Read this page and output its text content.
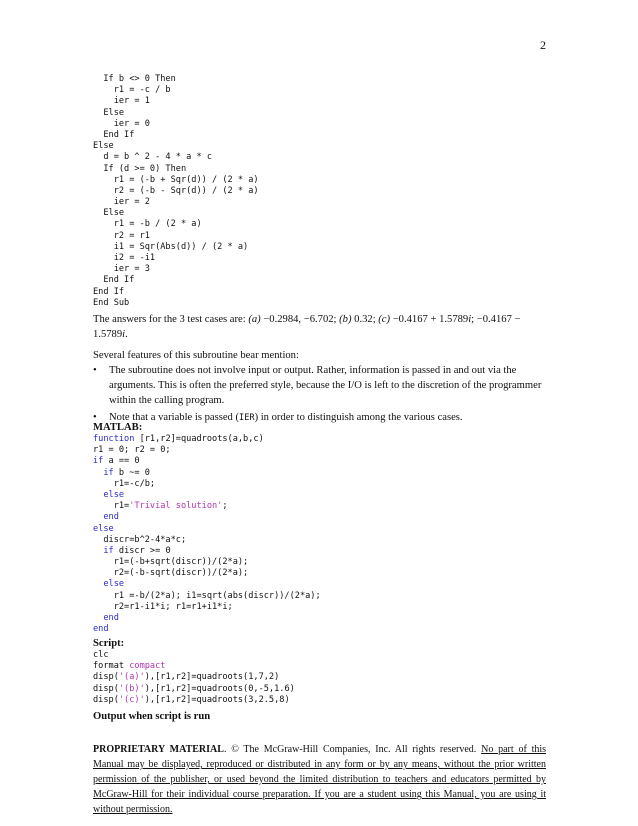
2
If b <> 0 Then
r1 = -c / b
ier = 1
Else
ier = 0
End If
Else
d = b ^ 2 - 4 * a * c
If (d >= 0) Then
r1 = (-b + Sqr(d)) / (2 * a)
r2 = (-b - Sqr(d)) / (2 * a)
ier = 2
Else
r1 = -b / (2 * a)
r2 = r1
i1 = Sqr(Abs(d)) / (2 * a)
i2 = -i1
ier = 3
End If
End If
End Sub
The answers for the 3 test cases are: (a) −0.2984, −6.702; (b) 0.32; (c) −0.4167 + 1.5789i; −0.4167 − 1.5789i.
Several features of this subroutine bear mention:
• The subroutine does not involve input or output. Rather, information is passed in and out via the arguments. This is often the preferred style, because the I/O is left to the discretion of the programmer within the calling program.
• Note that a variable is passed (IER) in order to distinguish among the various cases.
MATLAB:
function [r1,r2]=quadroots(a,b,c)
r1 = 0; r2 = 0;
if a == 0
if b ~= 0
r1=-c/b;
else
r1='Trivial solution';
end
else
discr=b^2-4*a*c;
if discr >= 0
r1=(-b+sqrt(discr))/(2*a);
r2=(-b-sqrt(discr))/(2*a);
else
r1 =-b/(2*a); i1=sqrt(abs(discr))/(2*a);
r2=r1-i1*i; r1=r1+i1*i;
end
end
Script:
clc
format compact
disp('(a)'),[r1,r2]=quadroots(1,7,2)
disp('(b)'),[r1,r2]=quadroots(0,-5,1.6)
disp('(c)'),[r1,r2]=quadroots(3,2.5,8)
Output when script is run
PROPRIETARY MATERIAL. © The McGraw-Hill Companies, Inc. All rights reserved. No part of this Manual may be displayed, reproduced or distributed in any form or by any means, without the prior written permission of the publisher, or used beyond the limited distribution to teachers and educators permitted by McGraw-Hill for their individual course preparation. If you are a student using this Manual, you are using it without permission.
